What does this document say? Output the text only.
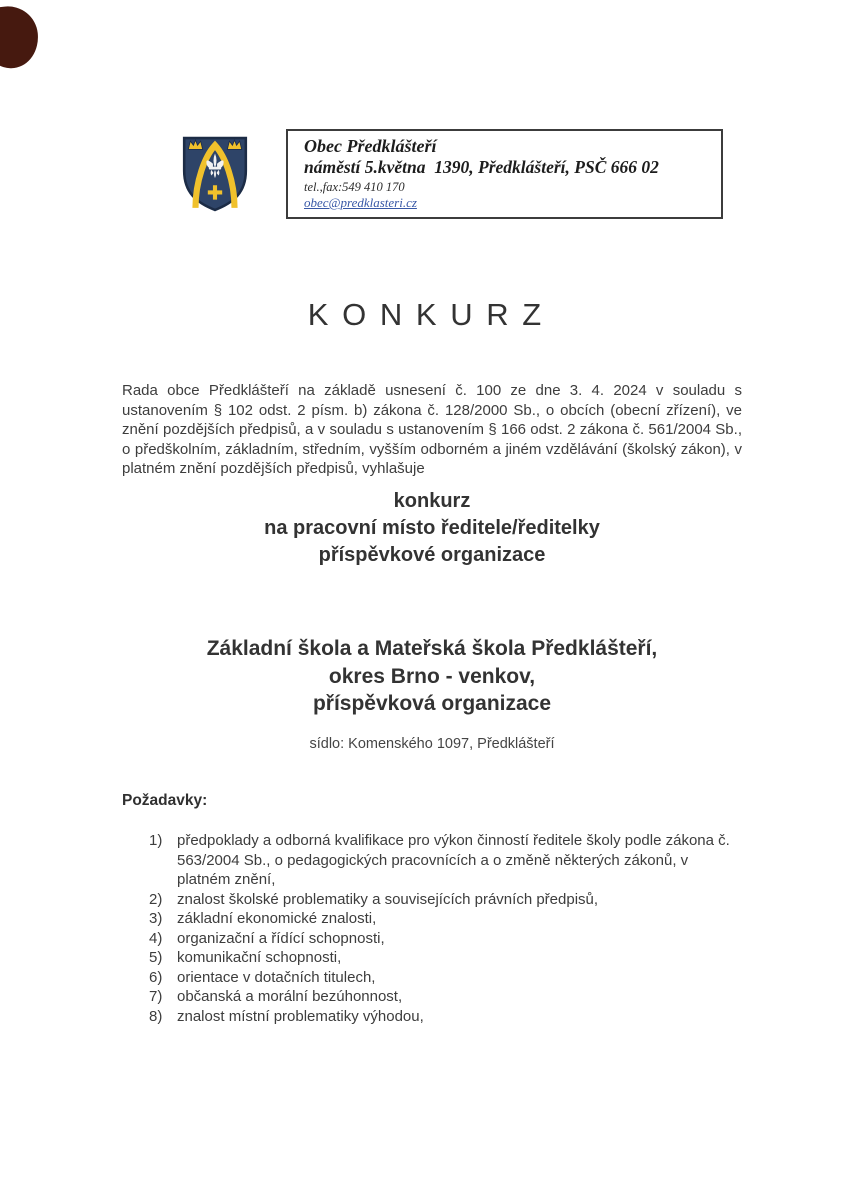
Obec Předklášteří
náměstí 5.května  1390, Předklášteří, PSČ 666 02
tel.,fax:549 410 170
obec@predklasteri.cz
KONKURZ

Rada obce Předklášteří na základě usnesení č. 100 ze dne 3. 4. 2024 v souladu s ustanovením § 102 odst. 2 písm. b) zákona č. 128/2000 Sb., o obcích (obecní zřízení), ve znění pozdějších předpisů, a v souladu s ustanovením § 166 odst. 2 zákona č. 561/2004 Sb., o předškolním, základním, středním, vyšším odborném a jiném vzdělávání (školský zákon), v platném znění pozdějších předpisů, vyhlašuje

konkurz
na pracovní místo ředitele/ředitelky
příspěvkové organizace
Základní škola a Mateřská škola Předklášteří,
okres Brno - venkov,
příspěvková organizace
sídlo: Komenského 1097, Předklášteří
Požadavky:
1) předpoklady a odborná kvalifikace pro výkon činností ředitele školy podle zákona č. 563/2004 Sb., o pedagogických pracovnících a o změně některých zákonů, v platném znění,
2) znalost školské problematiky a souvisejících právních předpisů,
3) základní ekonomické znalosti,
4) organizační a řídící schopnosti,
5) komunikační schopnosti,
6) orientace v dotačních titulech,
7) občanská a morální bezúhonnost,
8) znalost místní problematiky výhodou,
